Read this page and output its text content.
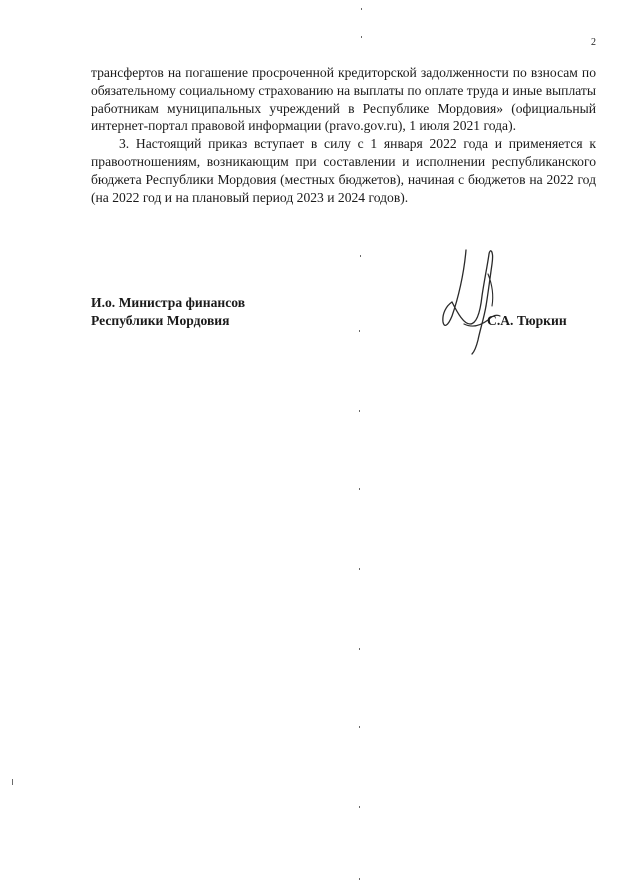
2

трансфертов на погашение просроченной кредиторской задолженности по взносам по обязательному социальному страхованию на выплаты по оплате труда и иные выплаты работникам муниципальных учреждений в Республике Мордовия» (официальный интернет-портал правовой информации (pravo.gov.ru), 1 июля 2021 года).

3. Настоящий приказ вступает в силу с 1 января 2022 года и применяется к правоотношениям, возникающим при составлении и исполнении республиканского бюджета Республики Мордовия (местных бюджетов), начиная с бюджетов на 2022 год (на 2022 год и на плановый период 2023 и 2024 годов).

И.о. Министра финансов
Республики Мордовия	С.А. Тюркин
